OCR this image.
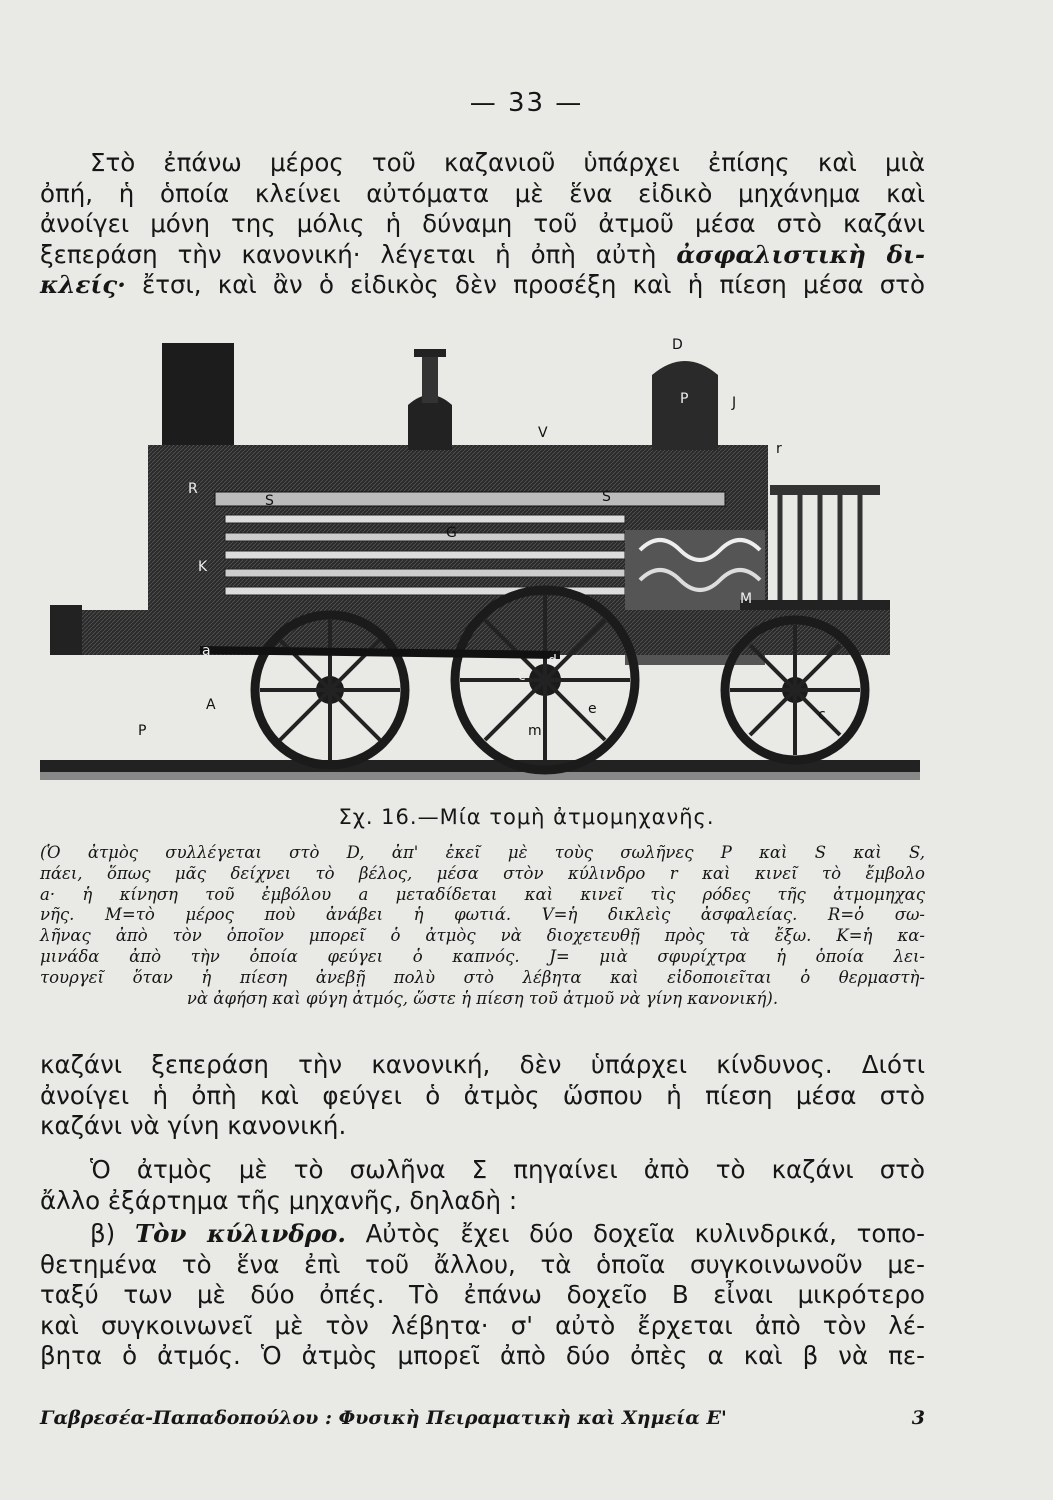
— 33 —
Στὸ ἐπάνω μέρος τοῦ καζανιοῦ ὑπάρχει ἐπίσης καὶ μιὰ
ὀπή, ἡ ὁποία κλείνει αὐτόματα μὲ ἕνα εἰδικὸ μηχάνημα καὶ
ἀνοίγει μόνη της μόλις ἡ δύναμη τοῦ ἀτμοῦ μέσα στὸ καζάνι
ξεπεράση τὴν κανονική· λέγεται ἡ ὀπὴ αὐτὴ ἀσφαλιστικὴ δι-
κλείς· ἔτσι, καὶ ἂν ὁ εἰδικὸς δὲν προσέξη καὶ ἡ πίεση μέσα στὸ
D
V
J
r
R
S	S
G
K
M
P
A
a
c
c
d
e
m
P
Σχ. 16.—Μία τομὴ ἀτμομηχανῆς.
(Ὁ ἀτμὸς συλλέγεται στὸ D, ἀπ' ἐκεῖ μὲ τοὺς σωλῆνες P καὶ S καὶ S,
πάει, ὅπως μᾶς δείχνει τὸ βέλος, μέσα στὸν κύλινδρο r καὶ κινεῖ τὸ ἔμβολο
a· ἡ κίνηση τοῦ ἐμβόλου a μεταδίδεται καὶ κινεῖ τὶς ρόδες τῆς ἀτμομηχας
νῆς. M=τὸ μέρος ποὺ ἀνάβει ἡ φωτιά. V=ἡ δικλεὶς ἀσφαλείας. R=ὁ σω-
λῆνας ἀπὸ τὸν ὁποῖον μπορεῖ ὁ ἀτμὸς νὰ διοχετευθῇ πρὸς τὰ ἔξω. K=ἡ κα-
μινάδα ἀπὸ τὴν ὁποία φεύγει ὁ καπνός. J= μιὰ σφυρίχτρα ἡ ὁποία λει-
τουργεῖ ὅταν ἡ πίεση ἀνεβῇ πολὺ στὸ λέβητα καὶ εἰδοποιεῖται ὁ θερμαστὴ-
νὰ ἀφήση καὶ φύγη ἀτμός, ὥστε ἡ πίεση τοῦ ἀτμοῦ νὰ γίνη κανονική).
καζάνι ξεπεράση τὴν κανονική, δὲν ὑπάρχει κίνδυνος. Διότι
ἀνοίγει ἡ ὀπὴ καὶ φεύγει ὁ ἀτμὸς ὥσπου ἡ πίεση μέσα στὸ
καζάνι νὰ γίνη κανονική.
Ὁ ἀτμὸς μὲ τὸ σωλῆνα Σ πηγαίνει ἀπὸ τὸ καζάνι στὸ
ἄλλο ἐξάρτημα τῆς μηχανῆς, δηλαδὴ :
β) Τὸν κύλινδρο. Αὐτὸς ἔχει δύο δοχεῖα κυλινδρικά, τοπο-
θετημένα τὸ ἕνα ἐπὶ τοῦ ἄλλου, τὰ ὁποῖα συγκοινωνοῦν με-
ταξύ των μὲ δύο ὀπές. Τὸ ἐπάνω δοχεῖο B εἶναι μικρότερο
καὶ συγκοινωνεῖ μὲ τὸν λέβητα· σ' αὐτὸ ἔρχεται ἀπὸ τὸν λέ-
βητα ὁ ἀτμός. Ὁ ἀτμὸς μπορεῖ ἀπὸ δύο ὀπὲς α καὶ β νὰ πε-
Γαβρεσέα-Παπαδοπούλου : Φυσικὴ Πειραματικὴ καὶ Χημεία Ε'	3
